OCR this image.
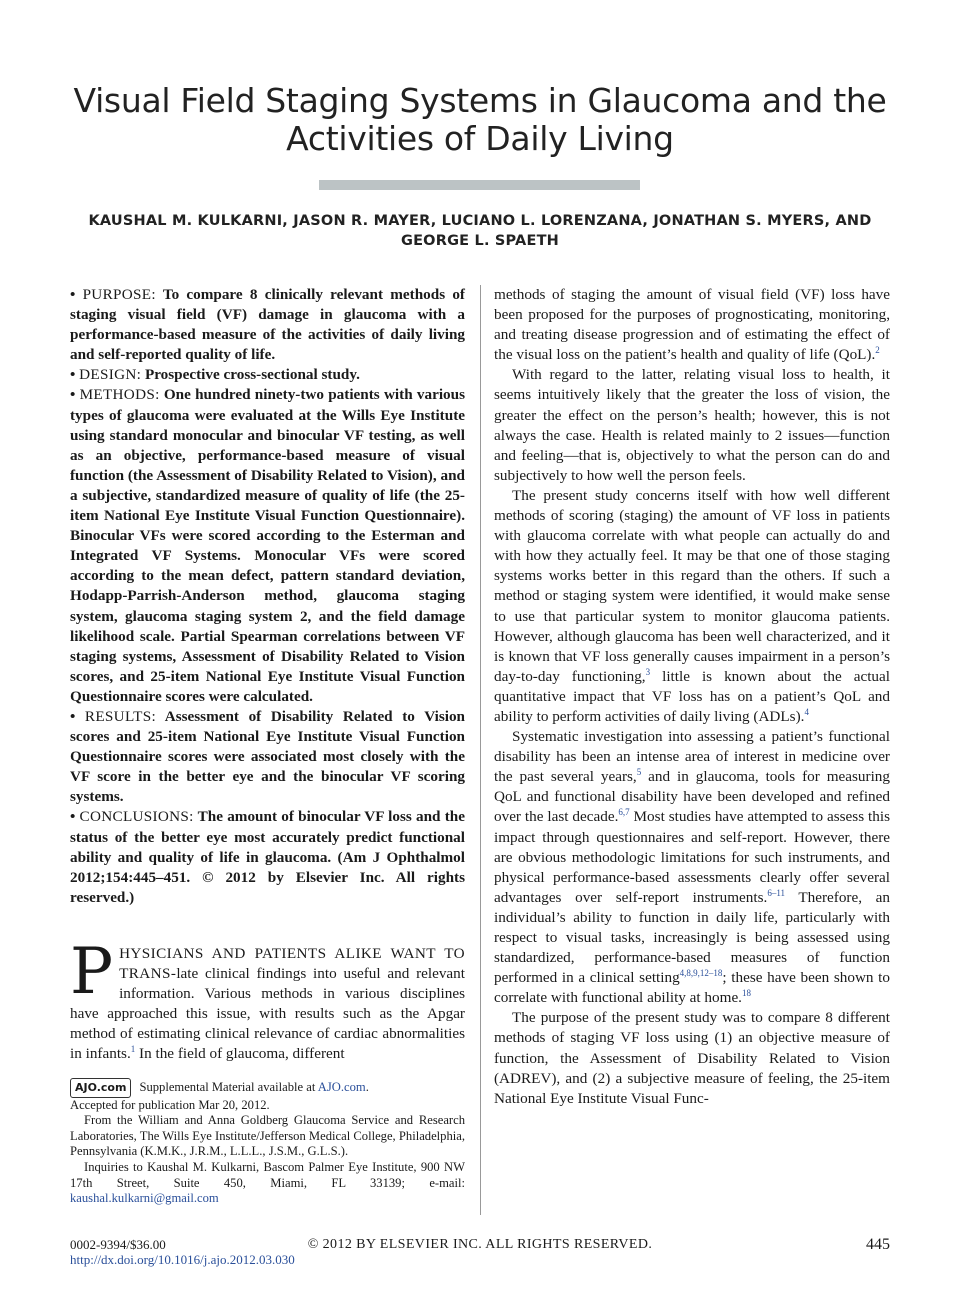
Visual Field Staging Systems in Glaucoma and the
Activities of Daily Living
KAUSHAL M. KULKARNI, JASON R. MAYER, LUCIANO L. LORENZANA, JONATHAN S. MYERS, AND
GEORGE L. SPAETH

• PURPOSE: To compare 8 clinically relevant methods of staging visual field (VF) damage in glaucoma with a performance-based measure of the activities of daily living and self-reported quality of life.

• DESIGN: Prospective cross-sectional study.

• METHODS: One hundred ninety-two patients with various types of glaucoma were evaluated at the Wills Eye Institute using standard monocular and binocular VF testing, as well as an objective, performance-based measure of visual function (the Assessment of Disability Related to Vision), and a subjective, standardized measure of quality of life (the 25-item National Eye Institute Visual Function Questionnaire). Binocular VFs were scored according to the Esterman and Integrated VF Systems. Monocular VFs were scored according to the mean defect, pattern standard deviation, Hodapp-Parrish-Anderson method, glaucoma staging system, glaucoma staging system 2, and the field damage likelihood scale. Partial Spearman correlations between VF staging systems, Assessment of Disability Related to Vision scores, and 25-item National Eye Institute Visual Function Questionnaire scores were calculated.

• RESULTS: Assessment of Disability Related to Vision scores and 25-item National Eye Institute Visual Function Questionnaire scores were associated most closely with the VF score in the better eye and the binocular VF scoring systems.

• CONCLUSIONS: The amount of binocular VF loss and the status of the better eye most accurately predict functional ability and quality of life in glaucoma. (Am J Ophthalmol 2012;154:445–451. © 2012 by Elsevier Inc. All rights reserved.)

PHYSICIANS AND PATIENTS ALIKE WANT TO TRANS-late clinical findings into useful and relevant information. Various methods in various disciplines have approached this issue, with results such as the Apgar method of estimating clinical relevance of cardiac abnormalities in infants.$^1$ In the field of glaucoma, different

methods of staging the amount of visual field (VF) loss have been proposed for the purposes of prognosticating, monitoring, and treating disease progression and of estimating the effect of the visual loss on the patient’s health and quality of life (QoL).$^2$

With regard to the latter, relating visual loss to health, it seems intuitively likely that the greater the loss of vision, the greater the effect on the person’s health; however, this is not always the case. Health is related mainly to 2 issues—function and feeling—that is, objectively to what the person can do and subjectively to how well the person feels.

The present study concerns itself with how well different methods of scoring (staging) the amount of VF loss in patients with glaucoma correlate with what people can actually do and with how they actually feel. It may be that one of those staging systems works better in this regard than the others. If such a method or staging system were identified, it would make sense to use that particular system to monitor glaucoma patients. However, although glaucoma has been well characterized, and it is known that VF loss generally causes impairment in a person’s day-to-day functioning,$^3$ little is known about the actual quantitative impact that VF loss has on a patient’s QoL and ability to perform activities of daily living (ADLs).$^4$

Systematic investigation into assessing a patient’s functional disability has been an intense area of interest in medicine over the past several years,$^5$ and in glaucoma, tools for measuring QoL and functional disability have been developed and refined over the last decade.$^{6,7}$ Most studies have attempted to assess this impact through questionnaires and self-report. However, there are obvious methodologic limitations for such instruments, and physical performance-based assessments clearly offer several advantages over self-report instruments.$^{6-11}$ Therefore, an individual’s ability to function in daily life, particularly with respect to visual tasks, increasingly is being assessed using standardized, performance-based measures of function performed in a clinical setting$^{4,8,9,12-18}$; these have been shown to correlate with functional ability at home.$^{18}$

The purpose of the present study was to compare 8 different methods of staging VF loss using (1) an objective measure of function, the Assessment of Disability Related to Vision (ADREV), and (2) a subjective measure of feeling, the 25-item National Eye Institute Visual Func-

AJO.com Supplemental Material available at AJO.com.

Accepted for publication Mar 20, 2012.

From the William and Anna Goldberg Glaucoma Service and Research Laboratories, The Wills Eye Institute/Jefferson Medical College, Philadelphia, Pennsylvania (K.M.K., J.R.M., L.L.L., J.S.M., G.L.S.).

Inquiries to Kaushal M. Kulkarni, Bascom Palmer Eye Institute, 900 NW 17th Street, Suite 450, Miami, FL 33139; e-mail: kaushal.kulkarni@gmail.com

0002-9394/$36.00
http://dx.doi.org/10.1016/j.ajo.2012.03.030
© 2012 BY ELSEVIER INC. ALL RIGHTS RESERVED.	445
